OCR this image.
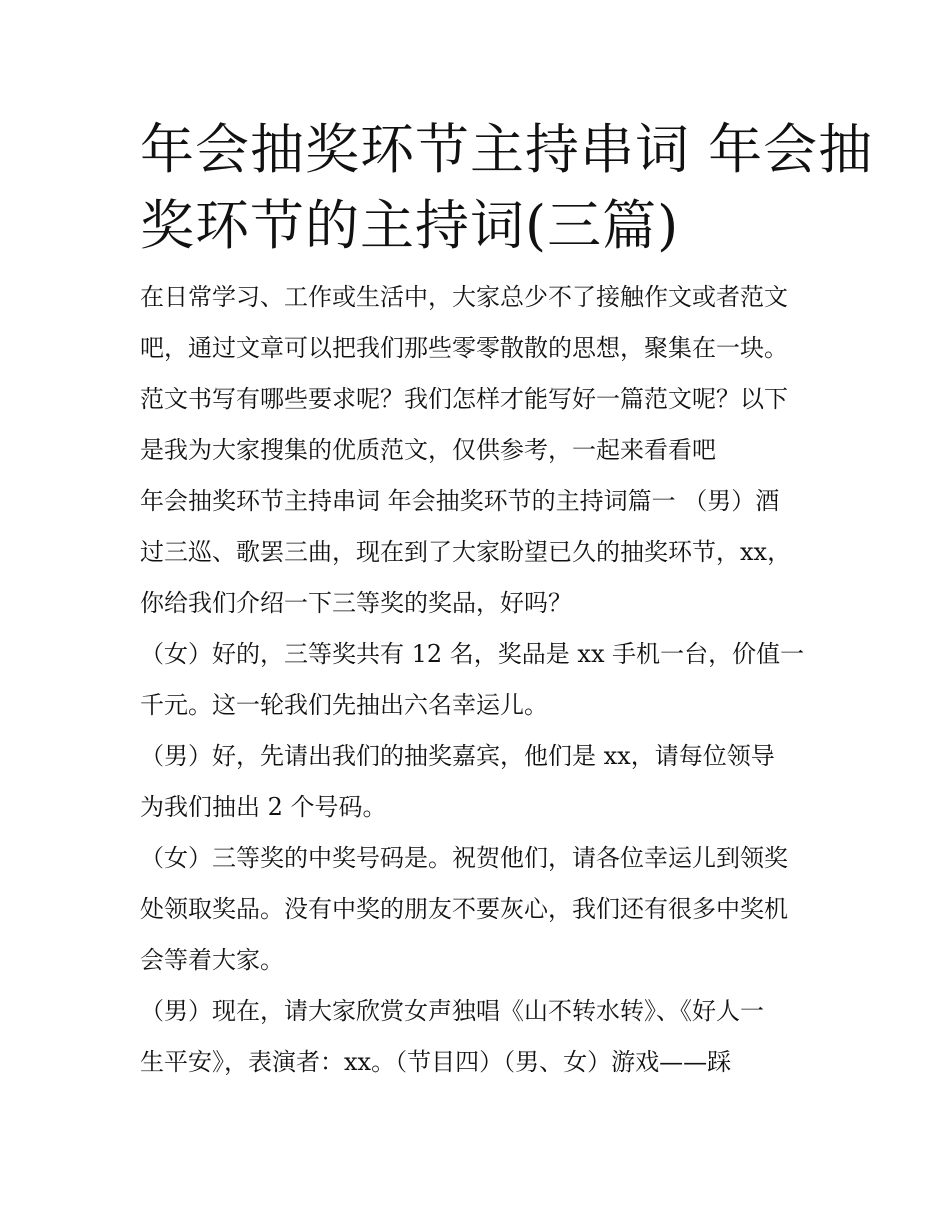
年会抽奖环节主持串词 年会抽
奖环节的主持词(三篇)

在日常学习、工作或生活中，大家总少不了接触作文或者范文
吧，通过文章可以把我们那些零零散散的思想，聚集在一块。
范文书写有哪些要求呢？我们怎样才能写好一篇范文呢？以下
是我为大家搜集的优质范文，仅供参考，一起来看看吧

年会抽奖环节主持串词 年会抽奖环节的主持词篇一 （男）酒
过三巡、歌罢三曲，现在到了大家盼望已久的抽奖环节，xx，
你给我们介绍一下三等奖的奖品，好吗？

（女）好的，三等奖共有 12 名，奖品是 xx 手机一台，价值一
千元。这一轮我们先抽出六名幸运儿。

（男）好，先请出我们的抽奖嘉宾，他们是 xx，请每位领导
为我们抽出 2 个号码。

（女）三等奖的中奖号码是。祝贺他们，请各位幸运儿到领奖
处领取奖品。没有中奖的朋友不要灰心，我们还有很多中奖机
会等着大家。

（男）现在，请大家欣赏女声独唱《山不转水转》、《好人一
生平安》，表演者：xx。（节目四）（男、女）游戏——踩
